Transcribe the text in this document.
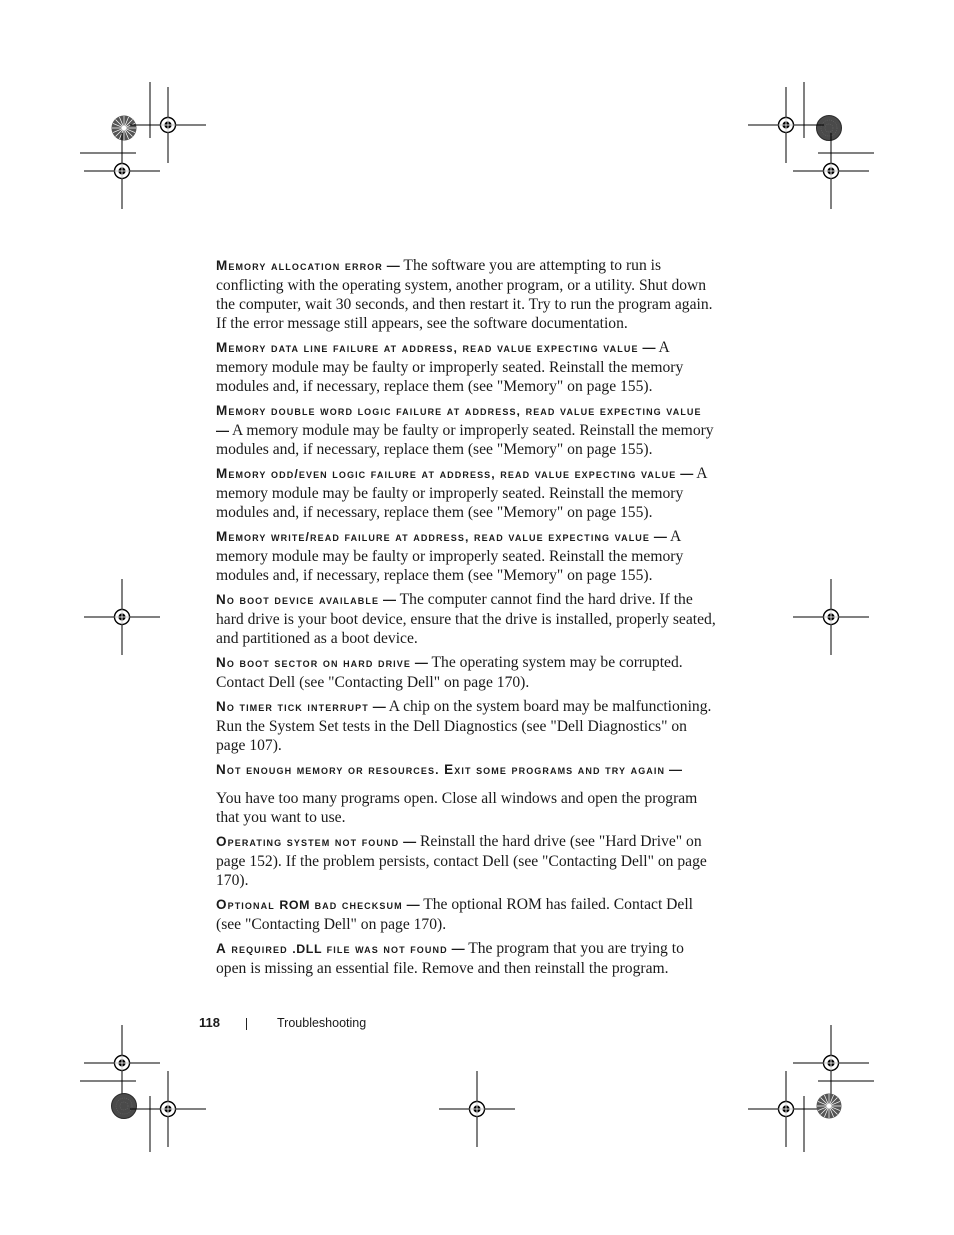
Memory allocation error — The software you are attempting to run is conflicting with the operating system, another program, or a utility. Shut down the computer, wait 30 seconds, and then restart it. Try to run the program again. If the error message still appears, see the software documentation.

Memory data line failure at address, read value expecting value — A memory module may be faulty or improperly seated. Reinstall the memory modules and, if necessary, replace them (see "Memory" on page 155).

Memory double word logic failure at address, read value expecting value — A memory module may be faulty or improperly seated. Reinstall the memory modules and, if necessary, replace them (see "Memory" on page 155).

Memory odd/even logic failure at address, read value expecting value — A memory module may be faulty or improperly seated. Reinstall the memory modules and, if necessary, replace them (see "Memory" on page 155).

Memory write/read failure at address, read value expecting value — A memory module may be faulty or improperly seated. Reinstall the memory modules and, if necessary, replace them (see "Memory" on page 155).

No boot device available — The computer cannot find the hard drive. If the hard drive is your boot device, ensure that the drive is installed, properly seated, and partitioned as a boot device.

No boot sector on hard drive — The operating system may be corrupted. Contact Dell (see "Contacting Dell" on page 170).

No timer tick interrupt — A chip on the system board may be malfunctioning. Run the System Set tests in the Dell Diagnostics (see "Dell Diagnostics" on page 107).

Not enough memory or resources. Exit some programs and try again —

You have too many programs open. Close all windows and open the program that you want to use.

Operating system not found — Reinstall the hard drive (see "Hard Drive" on page 152). If the problem persists, contact Dell (see "Contacting Dell" on page 170).

Optional ROM bad checksum — The optional ROM has failed. Contact Dell (see "Contacting Dell" on page 170).

A required .DLL file was not found — The program that you are trying to open is missing an essential file. Remove and then reinstall the program.

118	Troubleshooting
